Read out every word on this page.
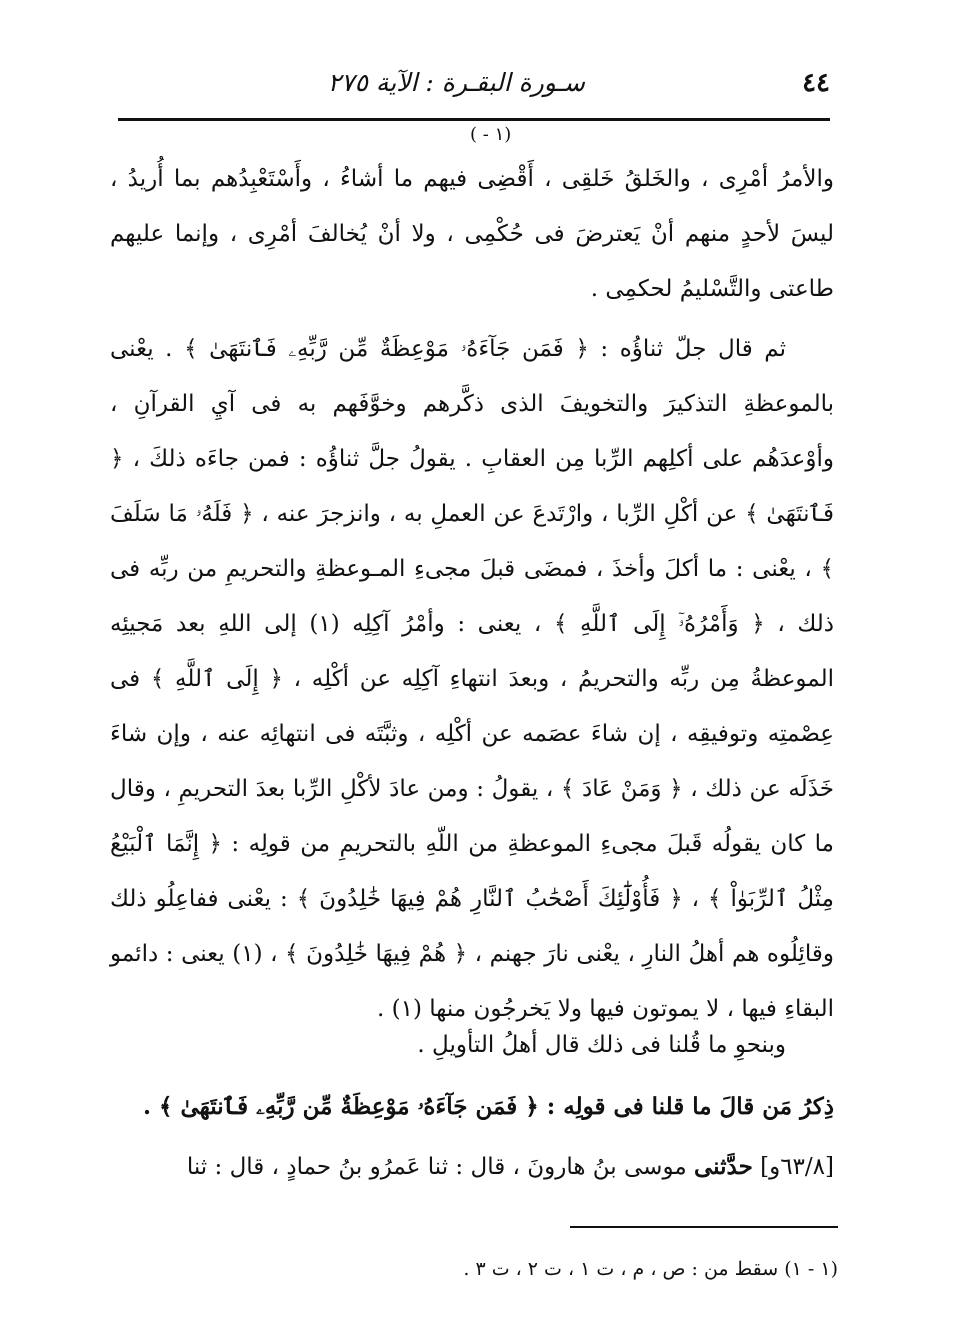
٤٤
سـورة البقـرة : الآية ٢٧٥
( - ١)

والأمرُ أمْرِى ، والخَلقُ خَلقِى ، أَقْضِى فيهم ما أشاءُ ، وأَسْتَعْبِدُهم بما أُريدُ ، ليسَ لأحدٍ منهم أنْ يَعترضَ فى حُكْمِى ، ولا أنْ يُخالفَ أمْرِى ، وإنما عليهم طاعتى والتَّسْليمُ لحكمِى .

ثم قال جلّ ثناؤُه : ﴿ فَمَن جَآءَهُۥ مَوْعِظَةٌ مِّن رَّبِّهِۦ فَٱنتَهَىٰ ﴾ . يعْنى بالموعظةِ التذكيرَ والتخويفَ الذى ذكَّرهم وخوَّفَهم به فى آيِ القرآنِ ، وأوْعدَهُم على أكلِهم الرِّبا مِن العقابِ . يقولُ جلَّ ثناؤُه : فمن جاءَه ذلكَ ، ﴿ فَٱنتَهَىٰ ﴾ عن أكْلِ الرِّبا ، وارْتَدعَ عن العملِ به ، وانزجرَ عنه ، ﴿ فَلَهُۥ مَا سَلَفَ ﴾ ، يعْنى : ما أكلَ وأخذَ ، فمضَى قبلَ مجىءِ المـوعظةِ والتحريمِ من ربِّه فى ذلك ، ﴿ وَأَمْرُهُۥٓ إِلَى ٱللَّهِ ﴾ ، يعنى : وأمْرُ آكِلِه (١) إلى اللهِ بعد مَجيئِه الموعظةُ مِن ربِّه والتحريمُ ، وبعدَ انتهاءِ آكِلِه عن أكْلِه ، ﴿ إِلَى ٱللَّهِ ﴾ فى عِصْمتِه وتوفيقِه ، إن شاءَ عصَمه عن أكْلِه ، وثبَّتَه فى انتهائِه عنه ، وإن شاءَ خَذَلَه عن ذلك ، ﴿ وَمَنْ عَادَ ﴾ ، يقولُ : ومن عادَ لأكْلِ الرِّبا بعدَ التحريمِ ، وقال ما كان يقولُه قَبلَ مجىءِ الموعظةِ من اللّهِ بالتحريمِ من قولِه : ﴿ إِنَّمَا ٱلْبَيْعُ مِثْلُ ٱلرِّبَوٰاْ ﴾ ، ﴿ فَأُوْلَٰٓئِكَ أَصْحَٰبُ ٱلنَّارِ هُمْ فِيهَا خَٰلِدُونَ ﴾ : يعْنى ففاعِلُو ذلك وقائِلُوه هم أهلُ النارِ ، يعْنى نارَ جهنم ، ﴿ هُمْ فِيهَا خَٰلِدُونَ ﴾ ، (١) يعنى : دائمو البقاءِ فيها ، لا يموتون فيها ولا يَخرجُون منها (١) .

وبنحوِ ما قُلنا فى ذلك قال أهلُ التأويلِ .

ذِكرُ مَن قالَ ما قلنا فى قولِه : ﴿ فَمَن جَآءَهُۥ مَوْعِظَةٌ مِّن رَّبِّهِۦ فَٱنتَهَىٰ ﴾ .

[٦٣/٨و] حدَّثنى موسى بنُ هارونَ ، قال : ثنا عَمرُو بنُ حمادٍ ، قال : ثنا

(١ - ١) سقط من : ص ، م ، ت ١ ، ت ٢ ، ت ٣ .
